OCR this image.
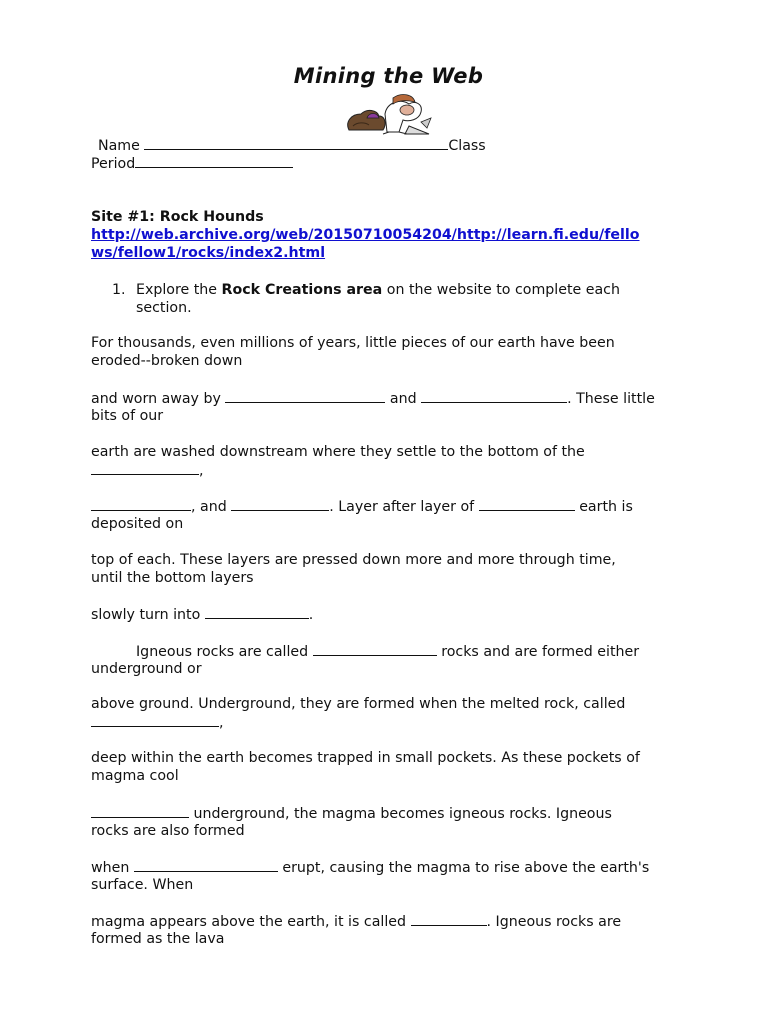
Mining the Web
Name	Class
Period
Site #1: Rock Hounds
http://web.archive.org/web/20150710054204/http://learn.fi.edu/fello
ws/fellow1/rocks/index2.html
1. Explore the Rock Creations area on the website to complete each
section.
For thousands, even millions of years, little pieces of our earth have been
eroded--broken down
and worn away by	and	. These little
bits of our
earth are washed downstream where they settle to the bottom of the
,
, and	. Layer after layer of	earth is
deposited on
top of each. These layers are pressed down more and more through time,
until the bottom layers
slowly turn into	.
Igneous rocks are called	rocks and are formed either
underground or
above ground. Underground, they are formed when the melted rock, called
,
deep within the earth becomes trapped in small pockets. As these pockets of
magma cool
underground, the magma becomes igneous rocks. Igneous
rocks are also formed
when	erupt, causing the magma to rise above the earth's
surface. When
magma appears above the earth, it is called	. Igneous rocks are
formed as the lava
